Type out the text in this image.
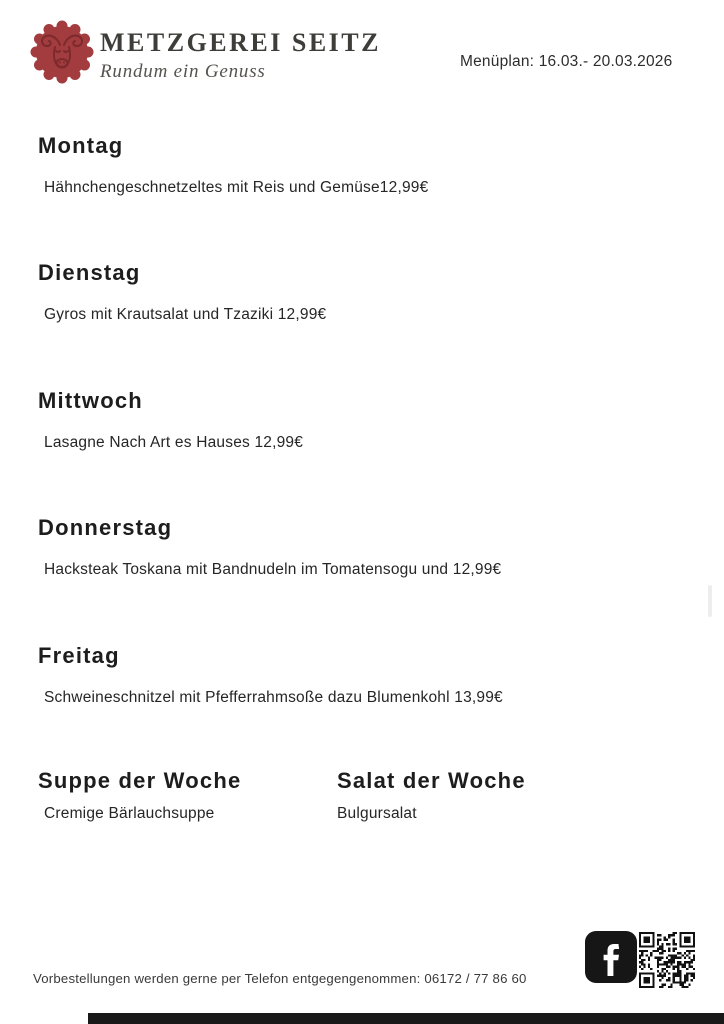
METZGEREI SEITZ
Rundum ein Genuss	Menüplan: 16.03.- 20.03.2026
Montag

Hähnchengeschnetzeltes mit Reis und Gemüse12,99€

Dienstag

Gyros mit Krautsalat und Tzaziki 12,99€

Mittwoch

Lasagne Nach Art es Hauses 12,99€

Donnerstag

Hacksteak Toskana mit Bandnudeln im Tomatensogu und 12,99€

Freitag

Schweineschnitzel mit Pfefferrahmsoße dazu Blumenkohl 13,99€

Suppe der Woche

Cremige Bärlauchsuppe

Salat der Woche

Bulgursalat

Vorbestellungen werden gerne per Telefon entgegengenommen: 06172 / 77 86 60
